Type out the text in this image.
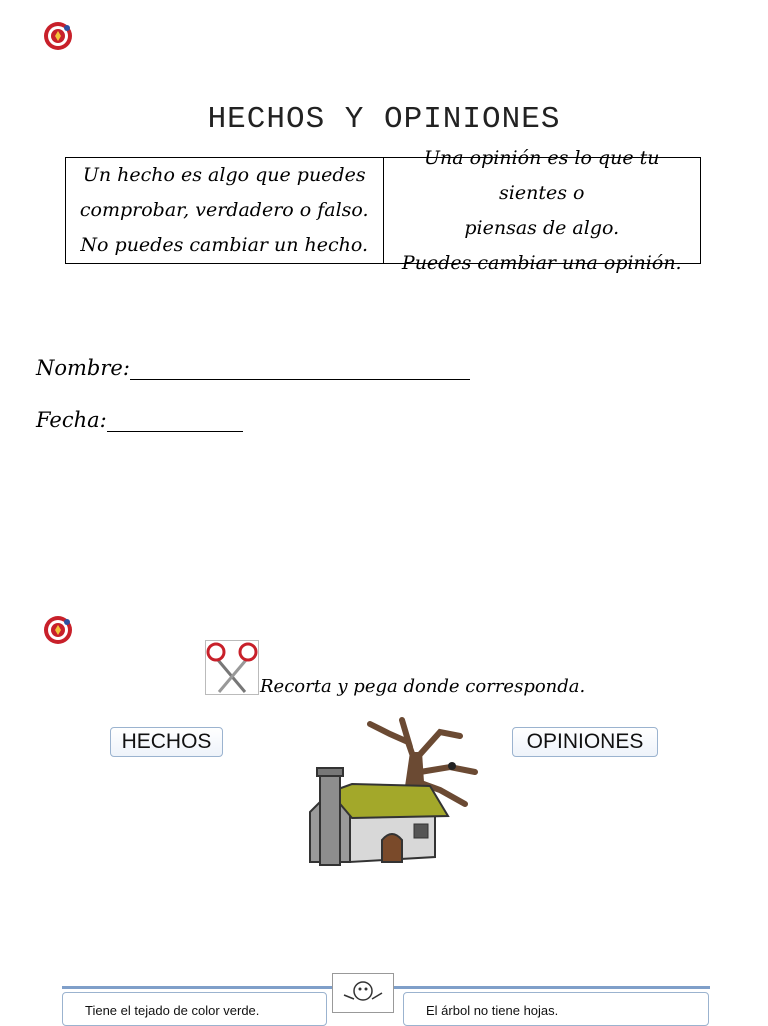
HECHOS Y OPINIONES
Un hecho es algo que puedes
comprobar, verdadero o falso.
No puedes cambiar un hecho.
Una opinión es lo que tu sientes o
piensas de algo.
Puedes cambiar una opinión.
Nombre:
Fecha:
Recorta y pega donde corresponda.
HECHOS	OPINIONES
Tiene el tejado de color verde.	El árbol no tiene hojas.
